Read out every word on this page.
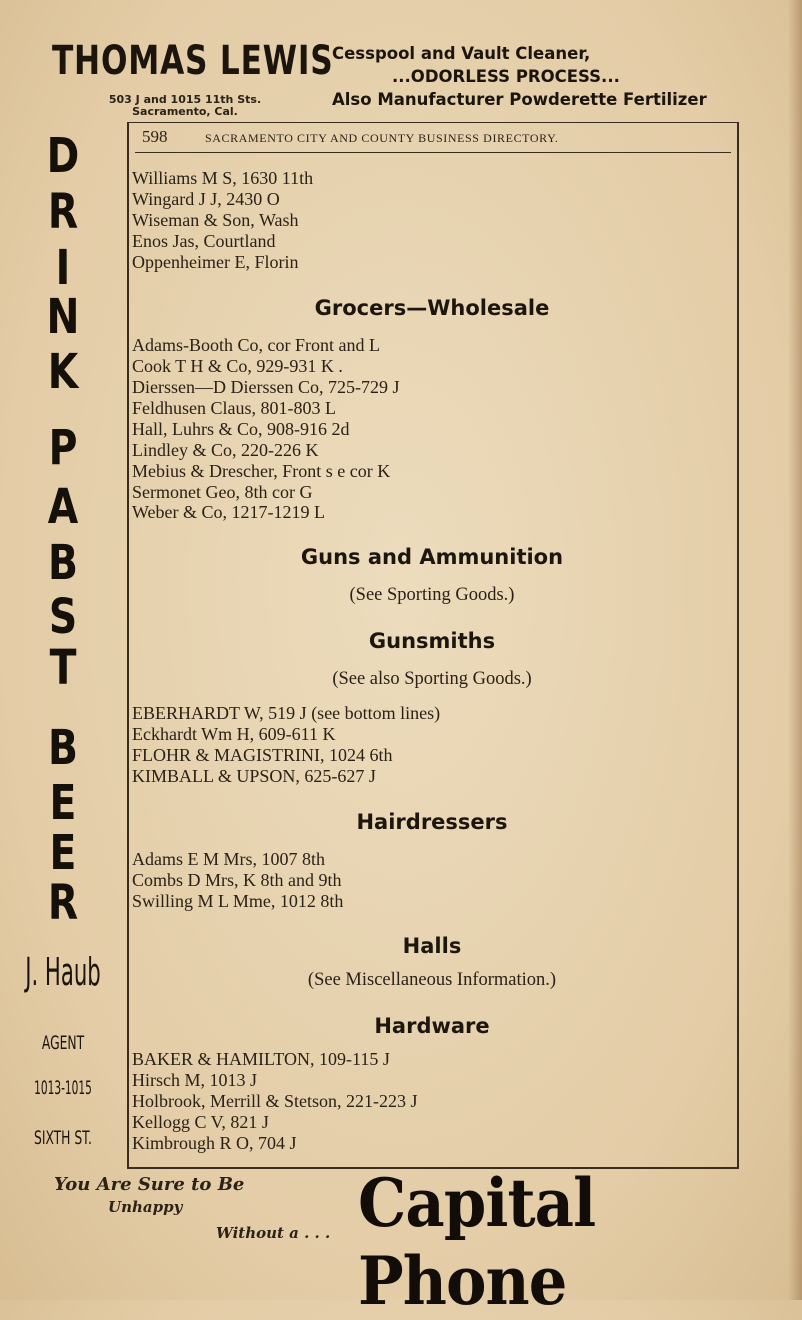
THOMAS LEWIS
503 J and 1015 11th Sts.
Sacramento, Cal.
Cesspool and Vault Cleaner,
...ODORLESS PROCESS...
Also Manufacturer Powderette Fertilizer
598	SACRAMENTO CITY AND COUNTY BUSINESS DIRECTORY.
D
R
I
N
K
P
A
B
S
T
B
E
E
R
J. Haub
AGENT
1013-1015
SIXTH ST.
Williams M S, 1630 11th
Wingard J J, 2430 O
Wiseman & Son, Wash
Enos Jas, Courtland
Oppenheimer E, Florin
Grocers—Wholesale
Adams-Booth Co, cor Front and L
Cook T H & Co, 929-931 K .
Dierssen—D Dierssen Co, 725-729 J
Feldhusen Claus, 801-803 L
Hall, Luhrs & Co, 908-916 2d
Lindley & Co, 220-226 K
Mebius & Drescher, Front s e cor K
Sermonet Geo, 8th cor G
Weber & Co, 1217-1219 L
Guns and Ammunition
(See Sporting Goods.)
Gunsmiths
(See also Sporting Goods.)
EBERHARDT W, 519 J (see bottom lines)
Eckhardt Wm H, 609-611 K
FLOHR & MAGISTRINI, 1024 6th
KIMBALL & UPSON, 625-627 J
Hairdressers
Adams E M Mrs, 1007 8th
Combs D Mrs, K 8th and 9th
Swilling M L Mme, 1012 8th
Halls
(See Miscellaneous Information.)
Hardware
BAKER & HAMILTON, 109-115 J
Hirsch M, 1013 J
Holbrook, Merrill & Stetson, 221-223 J
Kellogg C V, 821 J
Kimbrough R O, 704 J
You Are Sure to Be
Unhappy
Without a . . . Capital Phone
